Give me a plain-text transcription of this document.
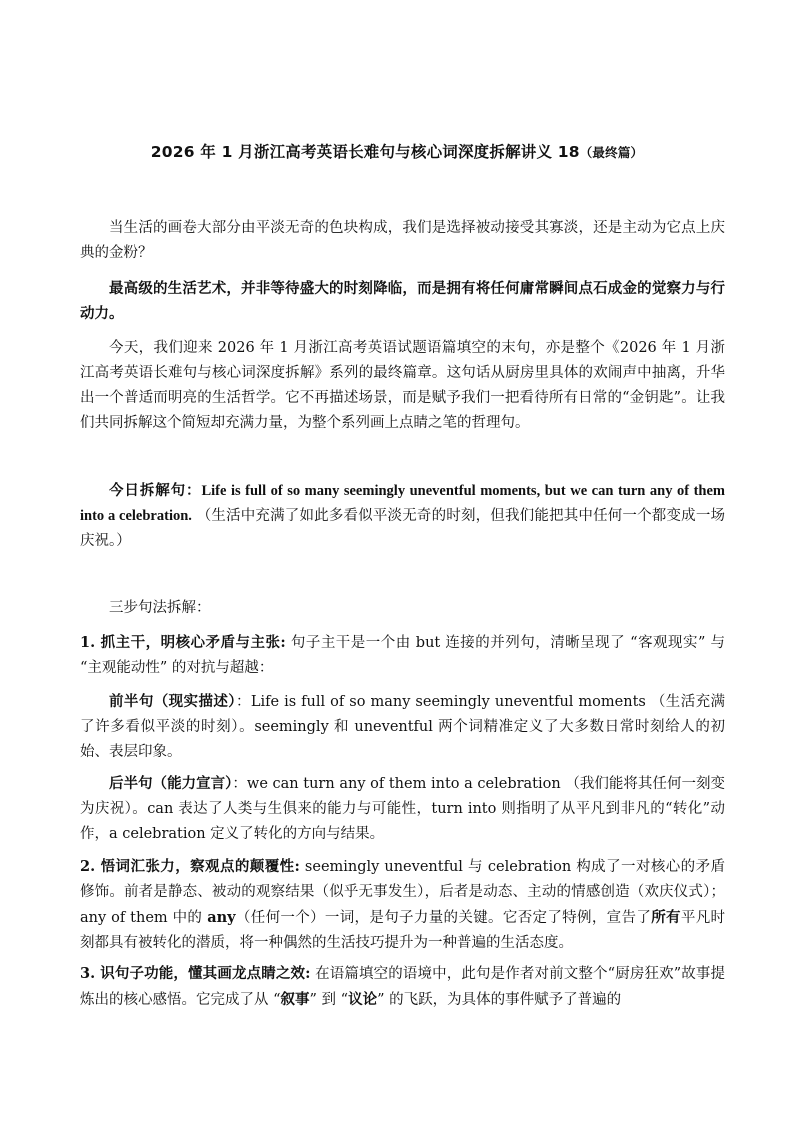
2026 年 1 月浙江高考英语长难句与核心词深度拆解讲义 18（最终篇）

当生活的画卷大部分由平淡无奇的色块构成，我们是选择被动接受其寡淡，还是主动为它点上庆典的金粉？

最高级的生活艺术，并非等待盛大的时刻降临，而是拥有将任何庸常瞬间点石成金的觉察力与行动力。

今天，我们迎来 2026 年 1 月浙江高考英语试题语篇填空的末句，亦是整个《2026 年 1 月浙江高考英语长难句与核心词深度拆解》系列的最终篇章。这句话从厨房里具体的欢闹声中抽离，升华出一个普适而明亮的生活哲学。它不再描述场景，而是赋予我们一把看待所有日常的“金钥匙”。让我们共同拆解这个简短却充满力量，为整个系列画上点睛之笔的哲理句。

今日拆解句：Life is full of so many seemingly uneventful moments, but we can turn any of them into a celebration. （生活中充满了如此多看似平淡无奇的时刻，但我们能把其中任何一个都变成一场庆祝。）

三步句法拆解：

1. 抓主干，明核心矛盾与主张: 句子主干是一个由 but 连接的并列句，清晰呈现了 “客观现实” 与 “主观能动性” 的对抗与超越：

前半句（现实描述）：Life is full of so many seemingly uneventful moments （生活充满了许多看似平淡的时刻）。seemingly 和 uneventful 两个词精准定义了大多数日常时刻给人的初始、表层印象。

后半句（能力宣言）：we can turn any of them into a celebration （我们能将其任何一刻变为庆祝）。can 表达了人类与生俱来的能力与可能性，turn into 则指明了从平凡到非凡的“转化”动作，a celebration 定义了转化的方向与结果。

2. 悟词汇张力，察观点的颠覆性: seemingly uneventful 与 celebration 构成了一对核心的矛盾修饰。前者是静态、被动的观察结果（似乎无事发生），后者是动态、主动的情感创造（欢庆仪式）；any of them 中的 any（任何一个）一词，是句子力量的关键。它否定了特例，宣告了所有平凡时刻都具有被转化的潜质，将一种偶然的生活技巧提升为一种普遍的生活态度。

3. 识句子功能，懂其画龙点睛之效: 在语篇填空的语境中，此句是作者对前文整个“厨房狂欢”故事提炼出的核心感悟。它完成了从 “叙事” 到 “议论” 的飞跃，为具体的事件赋予了普遍的
